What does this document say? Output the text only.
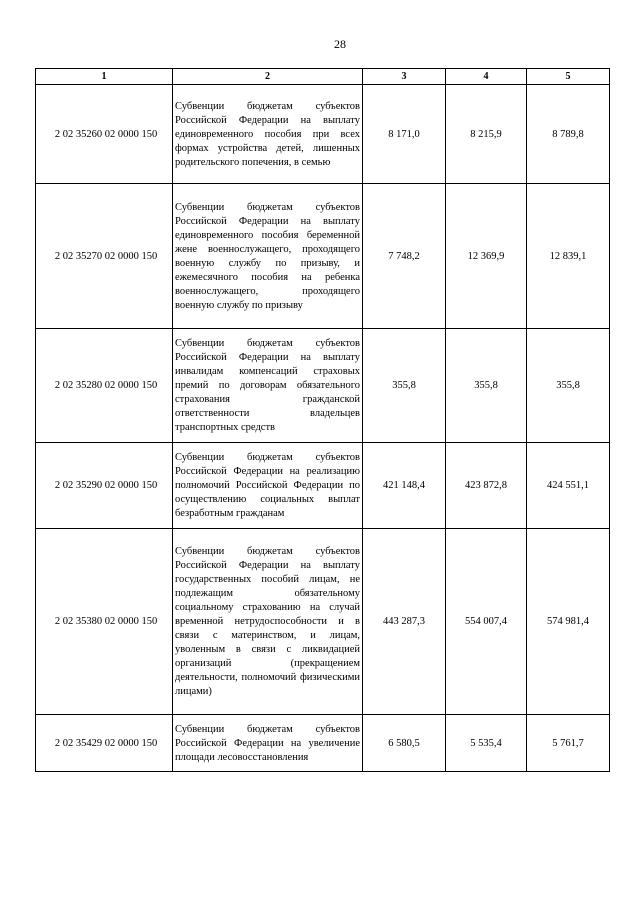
28
1	2	3	4	5
2 02 35260 02 0000 150	Субвенции бюджетам субъектов Российской Федерации на выплату единовременного пособия при всех формах устройства детей, лишенных родительского попечения, в семью	8 171,0	8 215,9	8 789,8
2 02 35270 02 0000 150	Субвенции бюджетам субъектов Российской Федерации на выплату единовременного пособия беременной жене военнослужащего, проходящего военную службу по призыву, и ежемесячного пособия на ребенка военнослужащего, проходящего военную службу по призыву	7 748,2	12 369,9	12 839,1
2 02 35280 02 0000 150	Субвенции бюджетам субъектов Российской Федерации на выплату инвалидам компенсаций страховых премий по договорам обязательного страхования гражданской ответственности владельцев транспортных средств	355,8	355,8	355,8
2 02 35290 02 0000 150	Субвенции бюджетам субъектов Российской Федерации на реализацию полномочий Российской Федерации по осуществлению социальных выплат безработным гражданам	421 148,4	423 872,8	424 551,1
2 02 35380 02 0000 150	Субвенции бюджетам субъектов Российской Федерации на выплату государственных пособий лицам, не подлежащим обязательному социальному страхованию на случай временной нетрудоспособности и в связи с материнством, и лицам, уволенным в связи с ликвидацией организаций (прекращением деятельности, полномочий физическими лицами)	443 287,3	554 007,4	574 981,4
2 02 35429 02 0000 150	Субвенции бюджетам субъектов Российской Федерации на увеличение площади лесовосстановления	6 580,5	5 535,4	5 761,7
